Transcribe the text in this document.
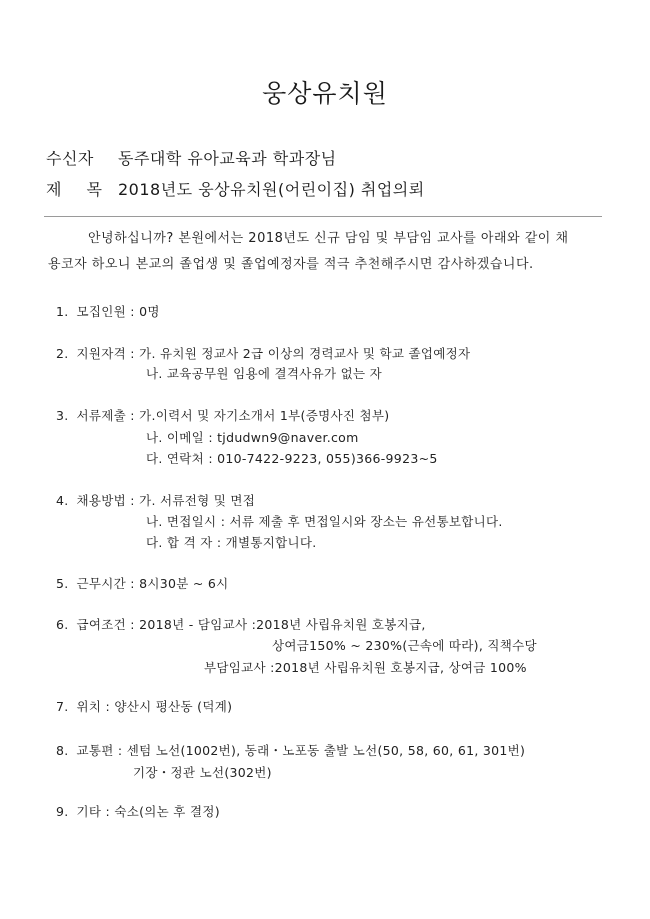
웅상유치원
수신자 동주대학 유아교육과 학과장님
제 목 2018년도 웅상유치원(어린이집) 취업의뢰
안녕하십니까? 본원에서는 2018년도 신규 담임 및 부담임 교사를 아래와 같이 채
용코자 하오니 본교의 졸업생 및 졸업예정자를 적극 추천해주시면 감사하겠습니다.
1. 모집인원 : 0명
2. 지원자격 : 가. 유치원 정교사 2급 이상의 경력교사 및 학교 졸업예정자
나. 교육공무원 임용에 결격사유가 없는 자
3. 서류제출 : 가.이력서 및 자기소개서 1부(증명사진 첨부)
나. 이메일 : tjdudwn9@naver.com
다. 연락처 : 010-7422-9223, 055)366-9923~5
4. 채용방법 : 가. 서류전형 및 면접
나. 면접일시 : 서류 제출 후 면접일시와 장소는 유선통보합니다.
다. 합 격 자 : 개별통지합니다.
5. 근무시간 : 8시30분 ~ 6시
6. 급여조건 : 2018년 - 담임교사 :2018년 사립유치원 호봉지급,
상여금150% ~ 230%(근속에 따라), 직책수당
부담임교사 :2018년 사립유치원 호봉지급, 상여금 100%
7. 위치 : 양산시 평산동 (덕계)
8. 교통편 : 센텀 노선(1002번), 동래・노포동 출발 노선(50, 58, 60, 61, 301번)
기장・정관 노선(302번)
9. 기타 : 숙소(의논 후 결정)
